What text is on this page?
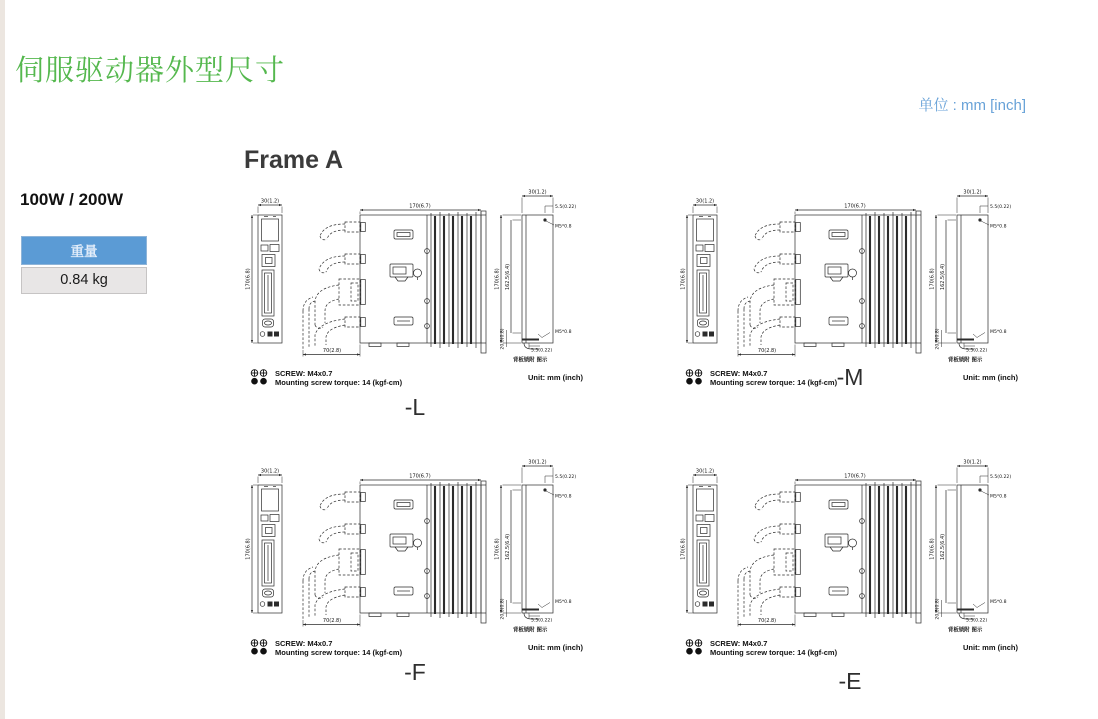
伺服驱动器外型尺寸
单位 : mm [inch]
Frame A
100W / 200W
重量
0.84 kg
30(1.2)
170(6.8)
70(2.8)
170(6.7)
30(1.2)
5.5(0.22)
M5*0.8
170(6.8) 162.5(6.4)
20.0(0.8)	M5*0.8
5.5(0.22)
背板锁附 图示
SCREW: M4x0.7
Mounting screw torque: 14 (kgf-cm)
Unit: mm (inch)
-L
30(1.2)
170(6.8)
70(2.8)
170(6.7)
30(1.2)
5.5(0.22)
M5*0.8
170(6.8) 162.5(6.4)
20.0(0.8)	M5*0.8
5.5(0.22)
背板锁附 图示
SCREW: M4x0.7
Mounting screw torque: 14 (kgf-cm)
Unit: mm (inch)
-M
30(1.2)
170(6.8)
70(2.8)
170(6.7)
30(1.2)
5.5(0.22)
M5*0.8
170(6.8) 162.5(6.4)
20.0(0.8)	M5*0.8
5.5(0.22)
背板锁附 图示
SCREW: M4x0.7
Mounting screw torque: 14 (kgf-cm)
Unit: mm (inch)
-F
30(1.2)
170(6.8)
70(2.8)
170(6.7)
30(1.2)
5.5(0.22)
M5*0.8
170(6.8) 162.5(6.4)
20.0(0.8)	M5*0.8
5.5(0.22)
背板锁附 图示
SCREW: M4x0.7
Mounting screw torque: 14 (kgf-cm)
Unit: mm (inch)
-E
